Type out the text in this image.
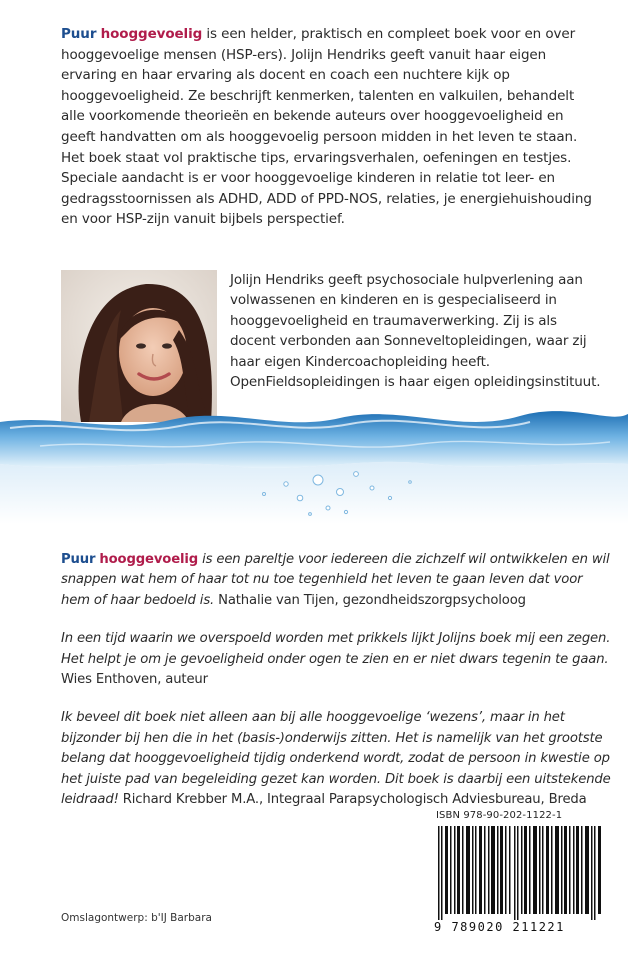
Puur hooggevoelig is een helder, praktisch en compleet boek voor en over hooggevoelige mensen (HSP-ers). Jolijn Hendriks geeft vanuit haar eigen ervaring en haar ervaring als docent en coach een nuchtere kijk op hooggevoeligheid. Ze beschrijft kenmerken, talenten en valkuilen, behandelt alle voorkomende theorieën en bekende auteurs over hooggevoeligheid en geeft handvatten om als hooggevoelig persoon midden in het leven te staan. Het boek staat vol praktische tips, ervaringsverhalen, oefeningen en testjes. Speciale aandacht is er voor hooggevoelige kinderen in relatie tot leer- en gedragsstoornissen als ADHD, ADD of PPD-NOS, relaties, je energiehuishouding en voor HSP-zijn vanuit bijbels perspectief.

Jolijn Hendriks geeft psychosociale hulpverlening aan volwassenen en kinderen en is gespecialiseerd in hooggevoeligheid en traumaverwerking. Zij is als docent verbonden aan Sonneveltopleidingen, waar zij haar eigen Kindercoachopleiding heeft. OpenFieldsopleidingen is haar eigen opleidingsinstituut.

Puur hooggevoelig is een pareltje voor iedereen die zichzelf wil ontwikkelen en wil snappen wat hem of haar tot nu toe tegenhield het leven te gaan leven dat voor hem of haar bedoeld is. Nathalie van Tijen, gezondheidszorgpsycholoog

In een tijd waarin we overspoeld worden met prikkels lijkt Jolijns boek mij een zegen. Het helpt je om je gevoeligheid onder ogen te zien en er niet dwars tegenin te gaan.
Wies Enthoven, auteur

Ik beveel dit boek niet alleen aan bij alle hooggevoelige ‘wezens’, maar in het bijzonder bij hen die in het (basis-)onderwijs zitten. Het is namelijk van het grootste belang dat hooggevoeligheid tijdig onderkend wordt, zodat de persoon in kwestie op het juiste pad van begeleiding gezet kan worden. Dit boek is daarbij een uitstekende leidraad! Richard Krebber M.A., Integraal Parapsychologisch Adviesbureau, Breda

ISBN 978-90-202-1122-1
9 789020 211221
Omslagontwerp: b'IJ Barbara
